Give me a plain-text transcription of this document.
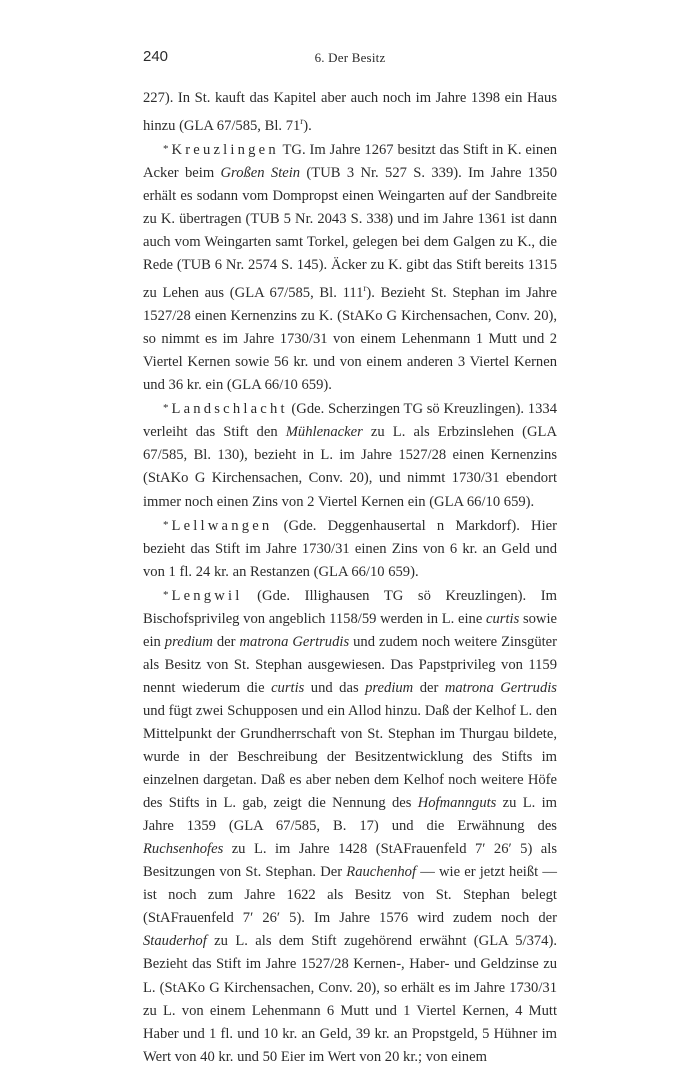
240	6. Der Besitz

227). In St. kauft das Kapitel aber auch noch im Jahre 1398 ein Haus hinzu (GLA 67/585, Bl. 71$^r$).

* Kreuzlingen TG. Im Jahre 1267 besitzt das Stift in K. einen Acker beim Großen Stein (TUB 3 Nr. 527 S. 339). Im Jahre 1350 erhält es sodann vom Dompropst einen Weingarten auf der Sandbreite zu K. übertragen (TUB 5 Nr. 2043 S. 338) und im Jahre 1361 ist dann auch vom Weingarten samt Torkel, gelegen bei dem Galgen zu K., die Rede (TUB 6 Nr. 2574 S. 145). Äcker zu K. gibt das Stift bereits 1315 zu Lehen aus (GLA 67/585, Bl. 111$^r$). Bezieht St. Stephan im Jahre 1527/28 einen Kernenzins zu K. (StAKo G Kirchensachen, Conv. 20), so nimmt es im Jahre 1730/31 von einem Lehenmann 1 Mutt und 2 Viertel Kernen sowie 56 kr. und von einem anderen 3 Viertel Kernen und 36 kr. ein (GLA 66/10 659).

* Landschlacht (Gde. Scherzingen TG sö Kreuzlingen). 1334 verleiht das Stift den Mühlenacker zu L. als Erbzinslehen (GLA 67/585, Bl. 130), bezieht in L. im Jahre 1527/28 einen Kernenzins (StAKo G Kirchensachen, Conv. 20), und nimmt 1730/31 ebendort immer noch einen Zins von 2 Viertel Kernen ein (GLA 66/10 659).

* Lellwangen (Gde. Deggenhausertal n Markdorf). Hier bezieht das Stift im Jahre 1730/31 einen Zins von 6 kr. an Geld und von 1 fl. 24 kr. an Restanzen (GLA 66/10 659).

* Lengwil (Gde. Illighausen TG sö Kreuzlingen). Im Bischofsprivileg von angeblich 1158/59 werden in L. eine curtis sowie ein predium der matrona Gertrudis und zudem noch weitere Zinsgüter als Besitz von St. Stephan ausgewiesen. Das Papstprivileg von 1159 nennt wiederum die curtis und das predium der matrona Gertrudis und fügt zwei Schupposen und ein Allod hinzu. Daß der Kelhof L. den Mittelpunkt der Grundherrschaft von St. Stephan im Thurgau bildete, wurde in der Beschreibung der Besitzentwicklung des Stifts im einzelnen dargetan. Daß es aber neben dem Kelhof noch weitere Höfe des Stifts in L. gab, zeigt die Nennung des Hofmannguts zu L. im Jahre 1359 (GLA 67/585, B. 17) und die Erwähnung des Ruchsenhofes zu L. im Jahre 1428 (StAFrauenfeld 7′ 26′ 5) als Besitzungen von St. Stephan. Der Rauchenhof — wie er jetzt heißt — ist noch zum Jahre 1622 als Besitz von St. Stephan belegt (StAFrauenfeld 7′ 26′ 5). Im Jahre 1576 wird zudem noch der Stauderhof zu L. als dem Stift zugehörend erwähnt (GLA 5/374). Bezieht das Stift im Jahre 1527/28 Kernen-, Haber- und Geldzinse zu L. (StAKo G Kirchensachen, Conv. 20), so erhält es im Jahre 1730/31 zu L. von einem Lehenmann 6 Mutt und 1 Viertel Kernen, 4 Mutt Haber und 1 fl. und 10 kr. an Geld, 39 kr. an Propstgeld, 5 Hühner im Wert von 40 kr. und 50 Eier im Wert von 20 kr.; von einem
